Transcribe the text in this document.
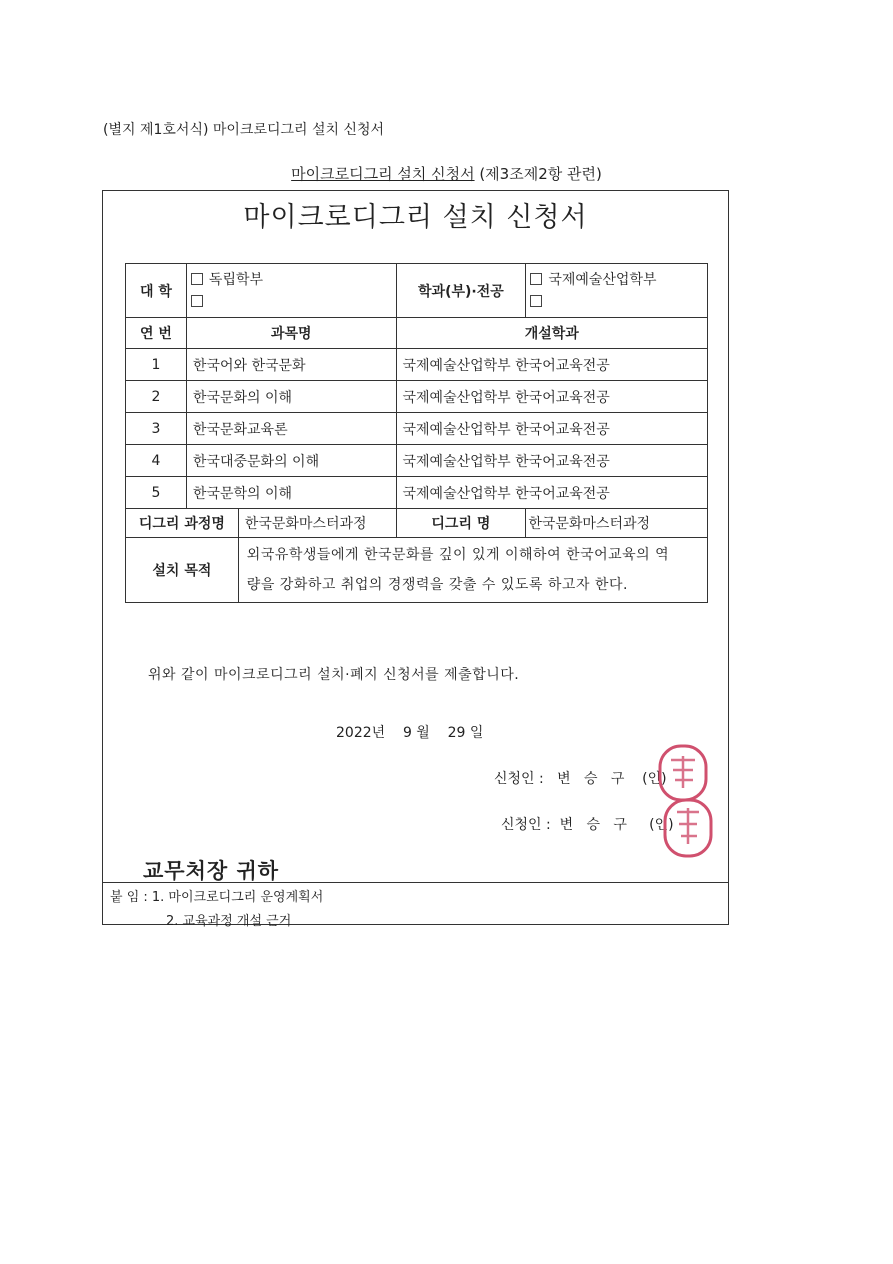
(별지 제1호서식) 마이크로디그리 설치 신청서
마이크로디그리 설치 신청서 (제3조제2항 관련)
마이크로디그리 설치 신청서
대 학	독립학부		학과(부)·전공	국제예술산업학부

연 번	과목명		개설학과	
1	한국어와 한국문화		국제예술산업학부 한국어교육전공	
2	한국문화의 이해		국제예술산업학부 한국어교육전공	
3	한국문화교육론		국제예술산업학부 한국어교육전공	
4	한국대중문화의 이해		국제예술산업학부 한국어교육전공	
5	한국문학의 이해		국제예술산업학부 한국어교육전공	
디그리 과정명		한국문화마스터과정	디그리 명	한국문화마스터과정
설치 목적		외국유학생들에게 한국문화를 깊이 있게 이해하여 한국어교육의 역
량을 강화하고 취업의 경쟁력을 갖출 수 있도록 하고자 한다.		
위와 같이 마이크로디그리 설치·폐지 신청서를 제출합니다.
2022년    9 월    29 일
신청인 :   변   승   구    (인)
신청인 :  변   승   구     (인)
교무처장 귀하
붙 임 : 1. 마이크로디그리 운영계획서
2. 교육과정 개설 근거
